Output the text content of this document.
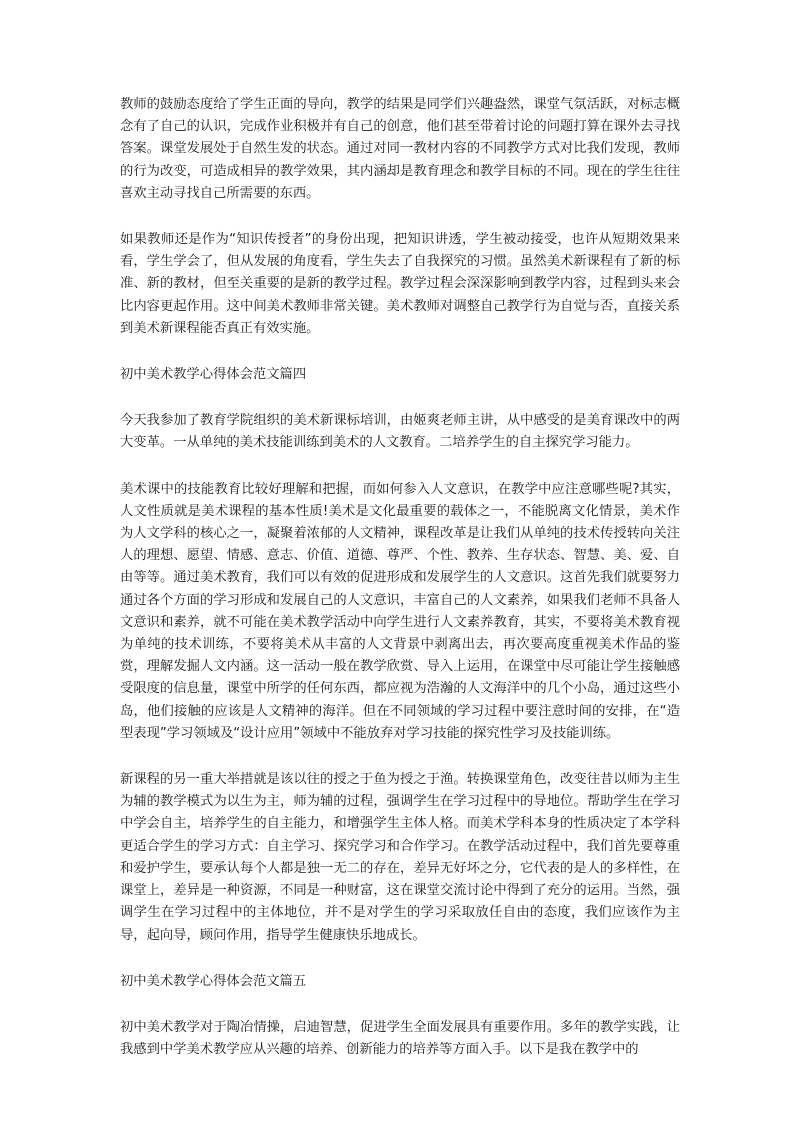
教师的鼓励态度给了学生正面的导向，教学的结果是同学们兴趣盎然，课堂气氛活跃，对标志概念有了自己的认识，完成作业积极并有自己的创意，他们甚至带着讨论的问题打算在课外去寻找答案。课堂发展处于自然生发的状态。通过对同一教材内容的不同教学方式对比我们发现，教师的行为改变，可造成相异的教学效果，其内涵却是教育理念和教学目标的不同。现在的学生往往喜欢主动寻找自己所需要的东西。

如果教师还是作为“知识传授者”的身份出现，把知识讲透，学生被动接受，也许从短期效果来看，学生学会了，但从发展的角度看，学生失去了自我探究的习惯。虽然美术新课程有了新的标准、新的教材，但至关重要的是新的教学过程。教学过程会深深影响到教学内容，过程到头来会比内容更起作用。这中间美术教师非常关键。美术教师对调整自己教学行为自觉与否，直接关系到美术新课程能否真正有效实施。

初中美术教学心得体会范文篇四

今天我参加了教育学院组织的美术新课标培训，由姬爽老师主讲，从中感受的是美育课改中的两大变革。一从单纯的美术技能训练到美术的人文教育。二培养学生的自主探究学习能力。

美术课中的技能教育比较好理解和把握，而如何参入人文意识，在教学中应注意哪些呢?其实，人文性质就是美术课程的基本性质!美术是文化最重要的载体之一，不能脱离文化情景，美术作为人文学科的核心之一，凝聚着浓郁的人文精神，课程改革是让我们从单纯的技术传授转向关注人的理想、愿望、情感、意志、价值、道德、尊严、个性、教养、生存状态、智慧、美、爱、自由等等。通过美术教育，我们可以有效的促进形成和发展学生的人文意识。这首先我们就要努力通过各个方面的学习形成和发展自己的人文意识，丰富自己的人文素养，如果我们老师不具备人文意识和素养，就不可能在美术教学活动中向学生进行人文素养教育，其实，不要将美术教育视为单纯的技术训练，不要将美术从丰富的人文背景中剥离出去，再次要高度重视美术作品的鉴赏，理解发掘人文内涵。这一活动一般在教学欣赏、导入上运用，在课堂中尽可能让学生接触感受限度的信息量，课堂中所学的任何东西，都应视为浩瀚的人文海洋中的几个小岛，通过这些小岛，他们接触的应该是人文精神的海洋。但在不同领域的学习过程中要注意时间的安排，在“造型表现”学习领域及“设计应用”领域中不能放弃对学习技能的探究性学习及技能训练。

新课程的另一重大举措就是该以往的授之于鱼为授之于渔。转换课堂角色，改变往昔以师为主生为辅的教学模式为以生为主，师为辅的过程，强调学生在学习过程中的导地位。帮助学生在学习中学会自主，培养学生的自主能力，和增强学生主体人格。而美术学科本身的性质决定了本学科更适合学生的学习方式：自主学习、探究学习和合作学习。在教学活动过程中，我们首先要尊重和爱护学生，要承认每个人都是独一无二的存在，差异无好坏之分，它代表的是人的多样性，在课堂上，差异是一种资源，不同是一种财富，这在课堂交流讨论中得到了充分的运用。当然，强调学生在学习过程中的主体地位，并不是对学生的学习采取放任自由的态度，我们应该作为主导，起向导，顾问作用，指导学生健康快乐地成长。

初中美术教学心得体会范文篇五

初中美术教学对于陶冶情操，启迪智慧，促进学生全面发展具有重要作用。多年的教学实践，让我感到中学美术教学应从兴趣的培养、创新能力的培养等方面入手。以下是我在教学中的
